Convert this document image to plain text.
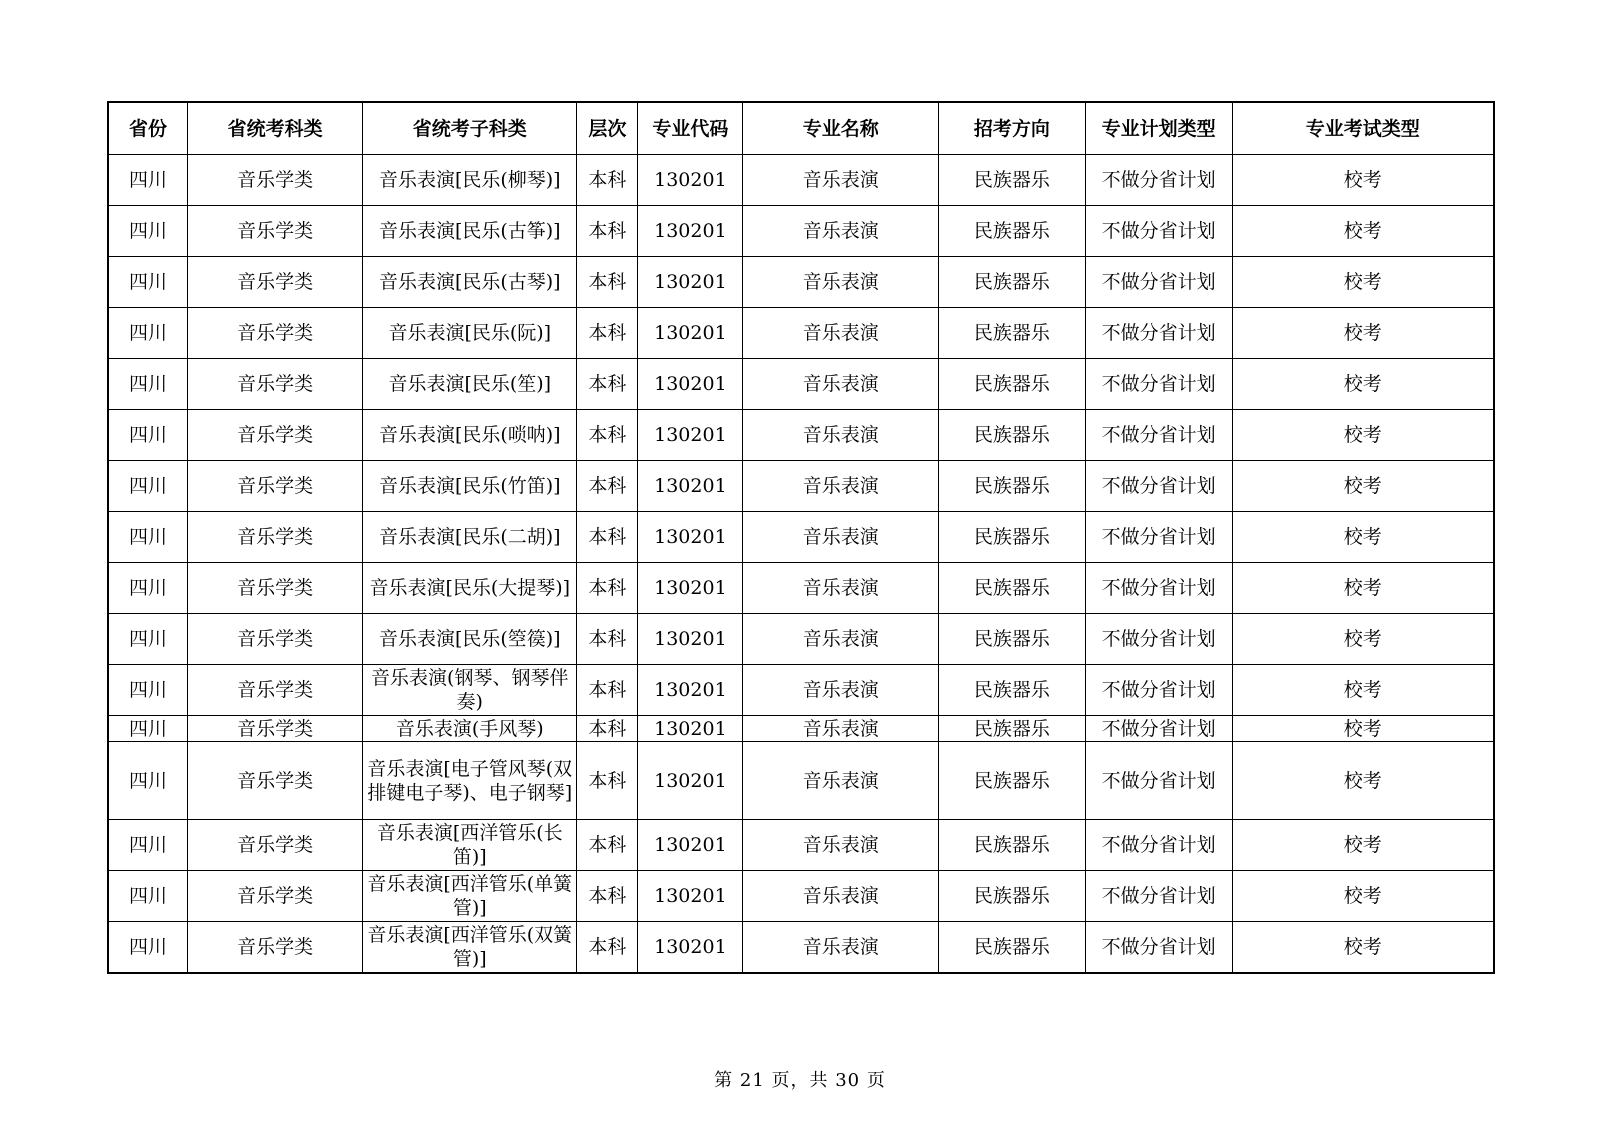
省份	省统考科类	省统考子科类	层次	专业代码	专业名称	招考方向	专业计划类型	专业考试类型
四川	音乐学类	音乐表演[民乐(柳琴)]	本科	130201	音乐表演	民族器乐	不做分省计划	校考
四川	音乐学类	音乐表演[民乐(古筝)]	本科	130201	音乐表演	民族器乐	不做分省计划	校考
四川	音乐学类	音乐表演[民乐(古琴)]	本科	130201	音乐表演	民族器乐	不做分省计划	校考
四川	音乐学类	音乐表演[民乐(阮)]	本科	130201	音乐表演	民族器乐	不做分省计划	校考
四川	音乐学类	音乐表演[民乐(笙)]	本科	130201	音乐表演	民族器乐	不做分省计划	校考
四川	音乐学类	音乐表演[民乐(唢呐)]	本科	130201	音乐表演	民族器乐	不做分省计划	校考
四川	音乐学类	音乐表演[民乐(竹笛)]	本科	130201	音乐表演	民族器乐	不做分省计划	校考
四川	音乐学类	音乐表演[民乐(二胡)]	本科	130201	音乐表演	民族器乐	不做分省计划	校考
四川	音乐学类	音乐表演[民乐(大提琴)]	本科	130201	音乐表演	民族器乐	不做分省计划	校考
四川	音乐学类	音乐表演[民乐(箜篌)]	本科	130201	音乐表演	民族器乐	不做分省计划	校考
四川	音乐学类	音乐表演(钢琴、钢琴伴奏)	本科	130201	音乐表演	民族器乐	不做分省计划	校考
四川	音乐学类	音乐表演(手风琴)	本科	130201	音乐表演	民族器乐	不做分省计划	校考
四川	音乐学类	音乐表演[电子管风琴(双排键电子琴)、电子钢琴]	本科	130201	音乐表演	民族器乐	不做分省计划	校考
四川	音乐学类	音乐表演[西洋管乐(长笛)]	本科	130201	音乐表演	民族器乐	不做分省计划	校考
四川	音乐学类	音乐表演[西洋管乐(单簧管)]	本科	130201	音乐表演	民族器乐	不做分省计划	校考
四川	音乐学类	音乐表演[西洋管乐(双簧管)]	本科	130201	音乐表演	民族器乐	不做分省计划	校考
第 21 页，共 30 页
